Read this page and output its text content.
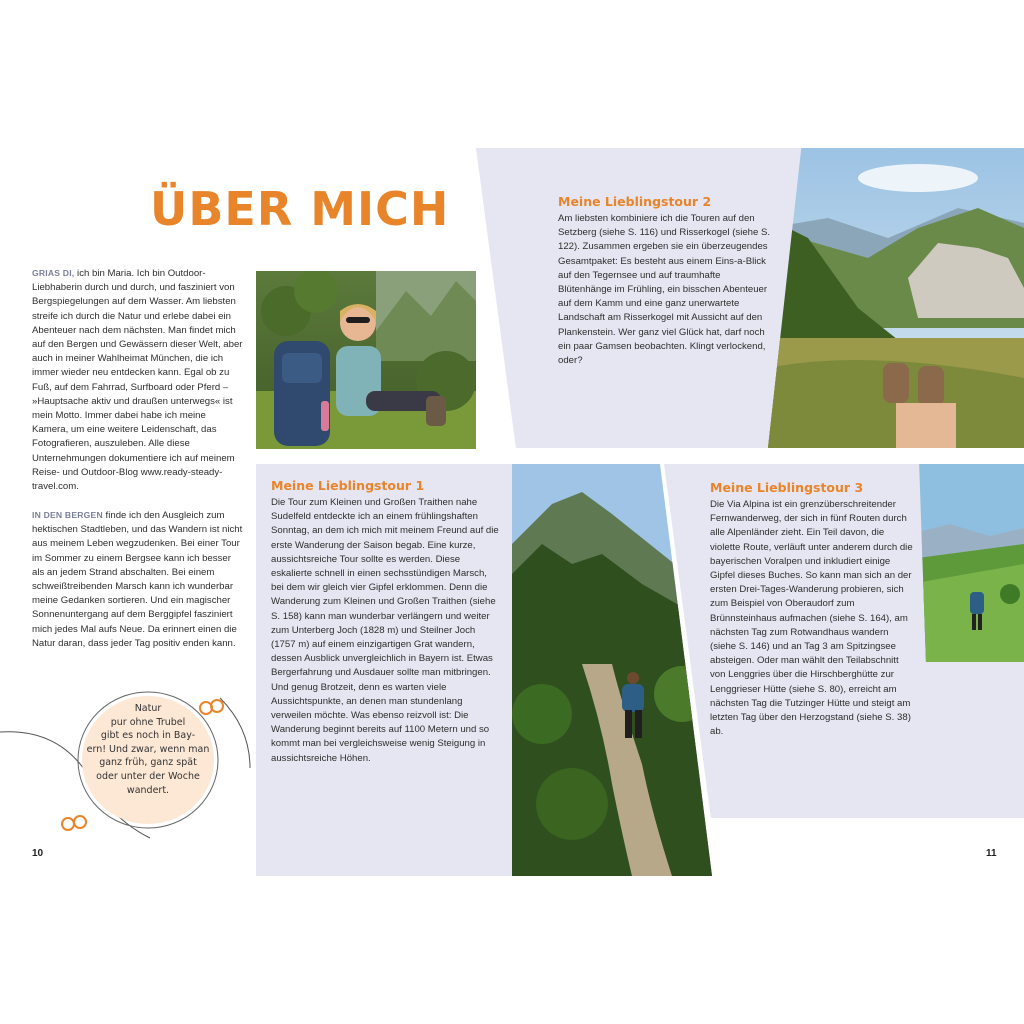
ÜBER MICH
GRIAS DI, ich bin Maria. Ich bin Outdoor-Liebhaberin durch und durch, und fasziniert von Bergspiegelungen auf dem Wasser. Am liebsten streife ich durch die Natur und erlebe dabei ein Abenteuer nach dem nächsten. Man findet mich auf den Bergen und Gewässern dieser Welt, aber auch in meiner Wahlheimat München, die ich immer wieder neu entdecken kann. Egal ob zu Fuß, auf dem Fahrrad, Surfboard oder Pferd – »Hauptsache aktiv und draußen unterwegs« ist mein Motto. Immer dabei habe ich meine Kamera, um eine weitere Leidenschaft, das Fotografieren, auszuleben. Alle diese Unternehmungen dokumentiere ich auf meinem Reise- und Outdoor-Blog www.ready-steady-travel.com.
IN DEN BERGEN finde ich den Ausgleich zum hektischen Stadtleben, und das Wandern ist nicht aus meinem Leben wegzudenken. Bei einer Tour im Sommer zu einem Bergsee kann ich besser als an jedem Strand abschalten. Bei einem schweißtreibenden Marsch kann ich wunderbar meine Gedanken sortieren. Und ein magischer Sonnenuntergang auf dem Berggipfel fasziniert mich jedes Mal aufs Neue. Da erinnert einen die Natur daran, dass jeder Tag positiv enden kann.
Natur
pur ohne Trubel
gibt es noch in Bay-
ern! Und zwar, wenn man
ganz früh, ganz spät
oder unter der Woche
wandert.
10
Meine Lieblingstour 2
Am liebsten kombiniere ich die Touren auf den Setzberg (siehe S. 116) und Risserkogel (siehe S. 122). Zusammen ergeben sie ein überzeugendes Gesamtpaket: Es besteht aus einem Eins-a-Blick auf den Tegernsee und auf traumhafte Blütenhänge im Frühling, ein bisschen Abenteuer auf dem Kamm und eine ganz unerwartete Landschaft am Risserkogel mit Aussicht auf den Plankenstein. Wer ganz viel Glück hat, darf noch ein paar Gamsen beobachten. Klingt verlockend, oder?
Meine Lieblingstour 1
Die Tour zum Kleinen und Großen Traithen nahe Sudelfeld entdeckte ich an einem frühlingshaften Sonntag, an dem ich mich mit meinem Freund auf die erste Wanderung der Saison begab. Eine kurze, aussichtsreiche Tour sollte es werden. Diese eskalierte schnell in einen sechsstündigen Marsch, bei dem wir gleich vier Gipfel erklommen. Denn die Wanderung zum Kleinen und Großen Traithen (siehe S. 158) kann man wunderbar verlängern und weiter zum Unterberg Joch (1828 m) und Steilner Joch (1757 m) auf einem einzigartigen Grat wandern, dessen Ausblick unvergleichlich in Bayern ist. Etwas Bergerfahrung und Ausdauer sollte man mitbringen. Und genug Brotzeit, denn es warten viele Aussichtspunkte, an denen man stundenlang verweilen möchte. Was ebenso reizvoll ist: Die Wanderung beginnt bereits auf 1100 Metern und so kommt man bei vergleichsweise wenig Steigung in aussichtsreiche Höhen.
Meine Lieblingstour 3
Die Via Alpina ist ein grenzüberschreitender Fernwanderweg, der sich in fünf Routen durch alle Alpenländer zieht. Ein Teil davon, die violette Route, verläuft unter anderem durch die bayerischen Voralpen und inkludiert einige Gipfel dieses Buches. So kann man sich an der ersten Drei-Tages-Wanderung probieren, sich zum Beispiel von Oberaudorf zum Brünnsteinhaus aufmachen (siehe S. 164), am nächsten Tag zum Rotwandhaus wandern (siehe S. 146) und an Tag 3 am Spitzingsee absteigen. Oder man wählt den Teilabschnitt von Lenggries über die Hirschberghütte zur Lenggrieser Hütte (siehe S. 80), erreicht am nächsten Tag die Tutzinger Hütte und steigt am letzten Tag über den Herzogstand (siehe S. 38) ab.
11
